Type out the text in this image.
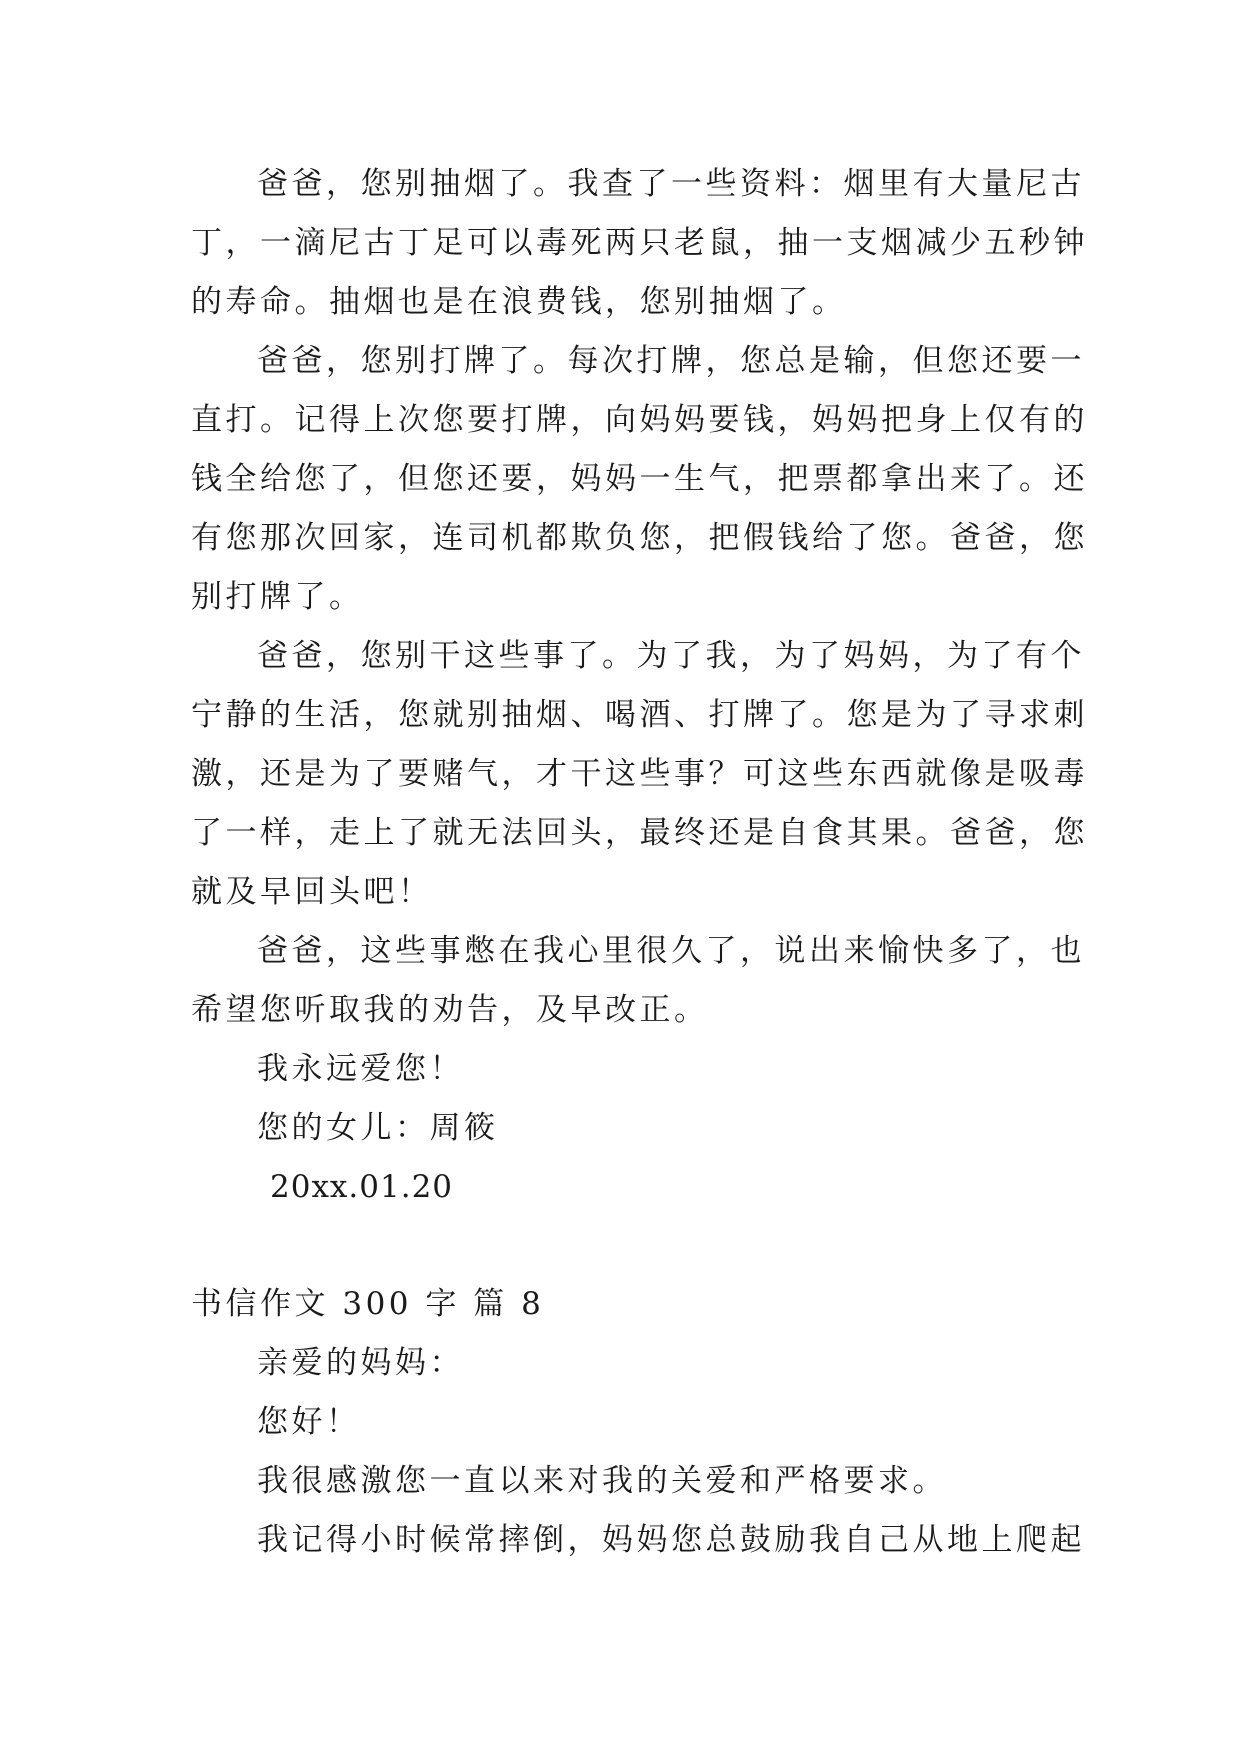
爸爸，您别抽烟了。我查了一些资料：烟里有大量尼古
丁，一滴尼古丁足可以毒死两只老鼠，抽一支烟减少五秒钟
的寿命。抽烟也是在浪费钱，您别抽烟了。
爸爸，您别打牌了。每次打牌，您总是输，但您还要一
直打。记得上次您要打牌，向妈妈要钱，妈妈把身上仅有的
钱全给您了，但您还要，妈妈一生气，把票都拿出来了。还
有您那次回家，连司机都欺负您，把假钱给了您。爸爸，您
别打牌了。
爸爸，您别干这些事了。为了我，为了妈妈，为了有个
宁静的生活，您就别抽烟、喝酒、打牌了。您是为了寻求刺
激，还是为了要赌气，才干这些事？可这些东西就像是吸毒
了一样，走上了就无法回头，最终还是自食其果。爸爸，您
就及早回头吧！
爸爸，这些事憋在我心里很久了，说出来愉快多了，也
希望您听取我的劝告，及早改正。
我永远爱您！
您的女儿：周筱
20xx.01.20
书信作文 300 字 篇 8
亲爱的妈妈：
您好！
我很感激您一直以来对我的关爱和严格要求。
我记得小时候常摔倒，妈妈您总鼓励我自己从地上爬起
